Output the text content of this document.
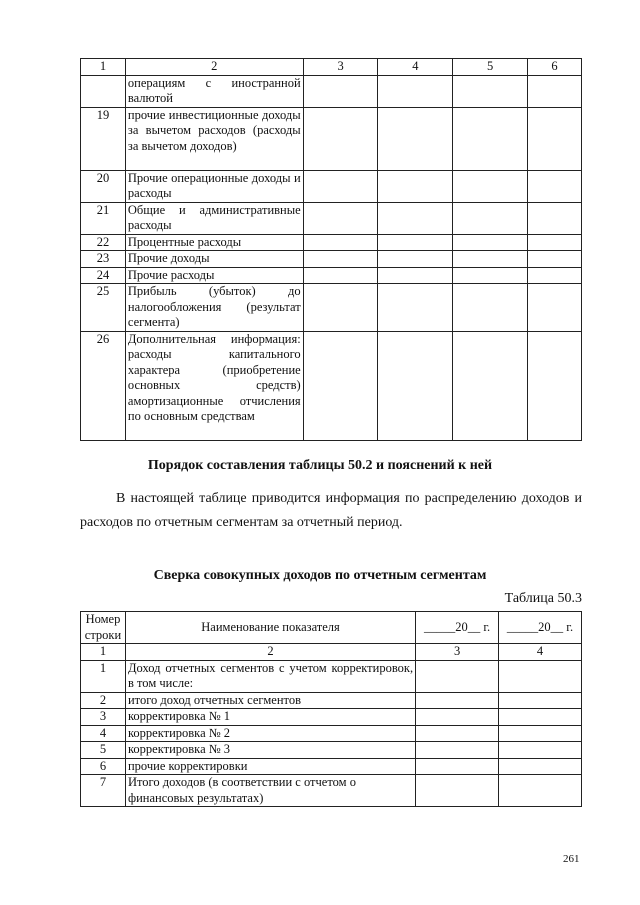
1	2	3	4	5	6
	операциям с иностранной валютой				
19	прочие инвестиционные доходы за вычетом расходов (расходы за вычетом доходов)				
20	Прочие операционные доходы и расходы				
21	Общие и административные расходы				
22	Процентные расходы				
23	Прочие доходы				
24	Прочие расходы				
25	Прибыль (убыток) до налогообложения (результат сегмента)				
26	Дополнительная информация: расходы капитального характера (приобретение основных средств) амортизационные отчисления по основным средствам				
Порядок составления таблицы 50.2 и пояснений к ней
В настоящей таблице приводится информация по распределению доходов и расходов по отчетным сегментам за отчетный период.
Сверка совокупных доходов по отчетным сегментам
Таблица 50.3
Номер строки	Наименование показателя	_____20__ г.	_____20__ г.
1	2	3	4
1	Доход отчетных сегментов с учетом корректировок, в том числе:		
2	итого доход отчетных сегментов		
3	корректировка № 1		
4	корректировка № 2		
5	корректировка № 3		
6	прочие корректировки		
7	Итого доходов (в соответствии с отчетом о финансовых результатах)		
261
